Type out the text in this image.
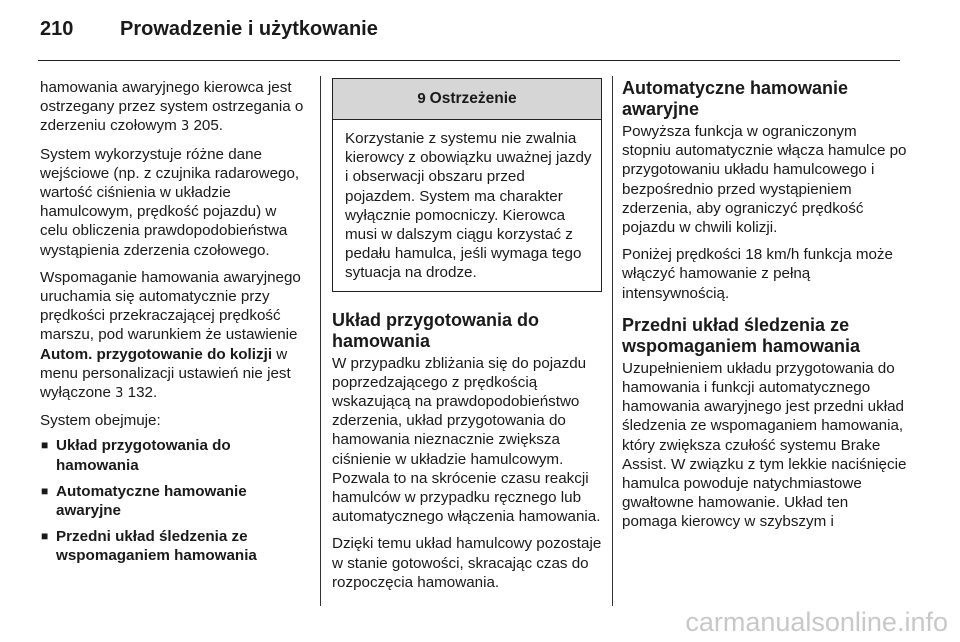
210 Prowadzenie i użytkowanie

hamowania awaryjnego kierowca jest ostrzegany przez system ostrzegania o zderzeniu czołowym 3 205.

System wykorzystuje różne dane wejściowe (np. z czujnika radarowego, wartość ciśnienia w układzie hamulcowym, prędkość pojazdu) w celu obliczenia prawdopodobieństwa wystąpienia zderzenia czołowego.

Wspomaganie hamowania awaryjnego uruchamia się automatycznie przy prędkości przekraczającej prędkość marszu, pod warunkiem że ustawienie Autom. przygotowanie do kolizji w menu personalizacji ustawień nie jest wyłączone 3 132.

System obejmuje:

■ Układ przygotowania do hamowania
■ Automatyczne hamowanie awaryjne
■ Przedni układ śledzenia ze wspomaganiem hamowania
9 Ostrzeżenie
Korzystanie z systemu nie zwalnia kierowcy z obowiązku uważnej jazdy i obserwacji obszaru przed pojazdem. System ma charakter wyłącznie pomocniczy. Kierowca musi w dalszym ciągu korzystać z pedału hamulca, jeśli wymaga tego sytuacja na drodze.
Układ przygotowania do hamowania

W przypadku zbliżania się do pojazdu poprzedzającego z prędkością wskazującą na prawdopodobieństwo zderzenia, układ przygotowania do hamowania nieznacznie zwiększa ciśnienie w układzie hamulcowym. Pozwala to na skrócenie czasu reakcji hamulców w przypadku ręcznego lub automatycznego włączenia hamowania.

Dzięki temu układ hamulcowy pozostaje w stanie gotowości, skracając czas do rozpoczęcia hamowania.

Automatyczne hamowanie awaryjne

Powyższa funkcja w ograniczonym stopniu automatycznie włącza hamulce po przygotowaniu układu hamulcowego i bezpośrednio przed wystąpieniem zderzenia, aby ograniczyć prędkość pojazdu w chwili kolizji.

Poniżej prędkości 18 km/h funkcja może włączyć hamowanie z pełną intensywnością.

Przedni układ śledzenia ze wspomaganiem hamowania

Uzupełnieniem układu przygotowania do hamowania i funkcji automatycznego hamowania awaryjnego jest przedni układ śledzenia ze wspomaganiem hamowania, który zwiększa czułość systemu Brake Assist. W związku z tym lekkie naciśnięcie hamulca powoduje natychmiastowe gwałtowne hamowanie. Układ ten pomaga kierowcy w szybszym i

carmanualsonline.info
